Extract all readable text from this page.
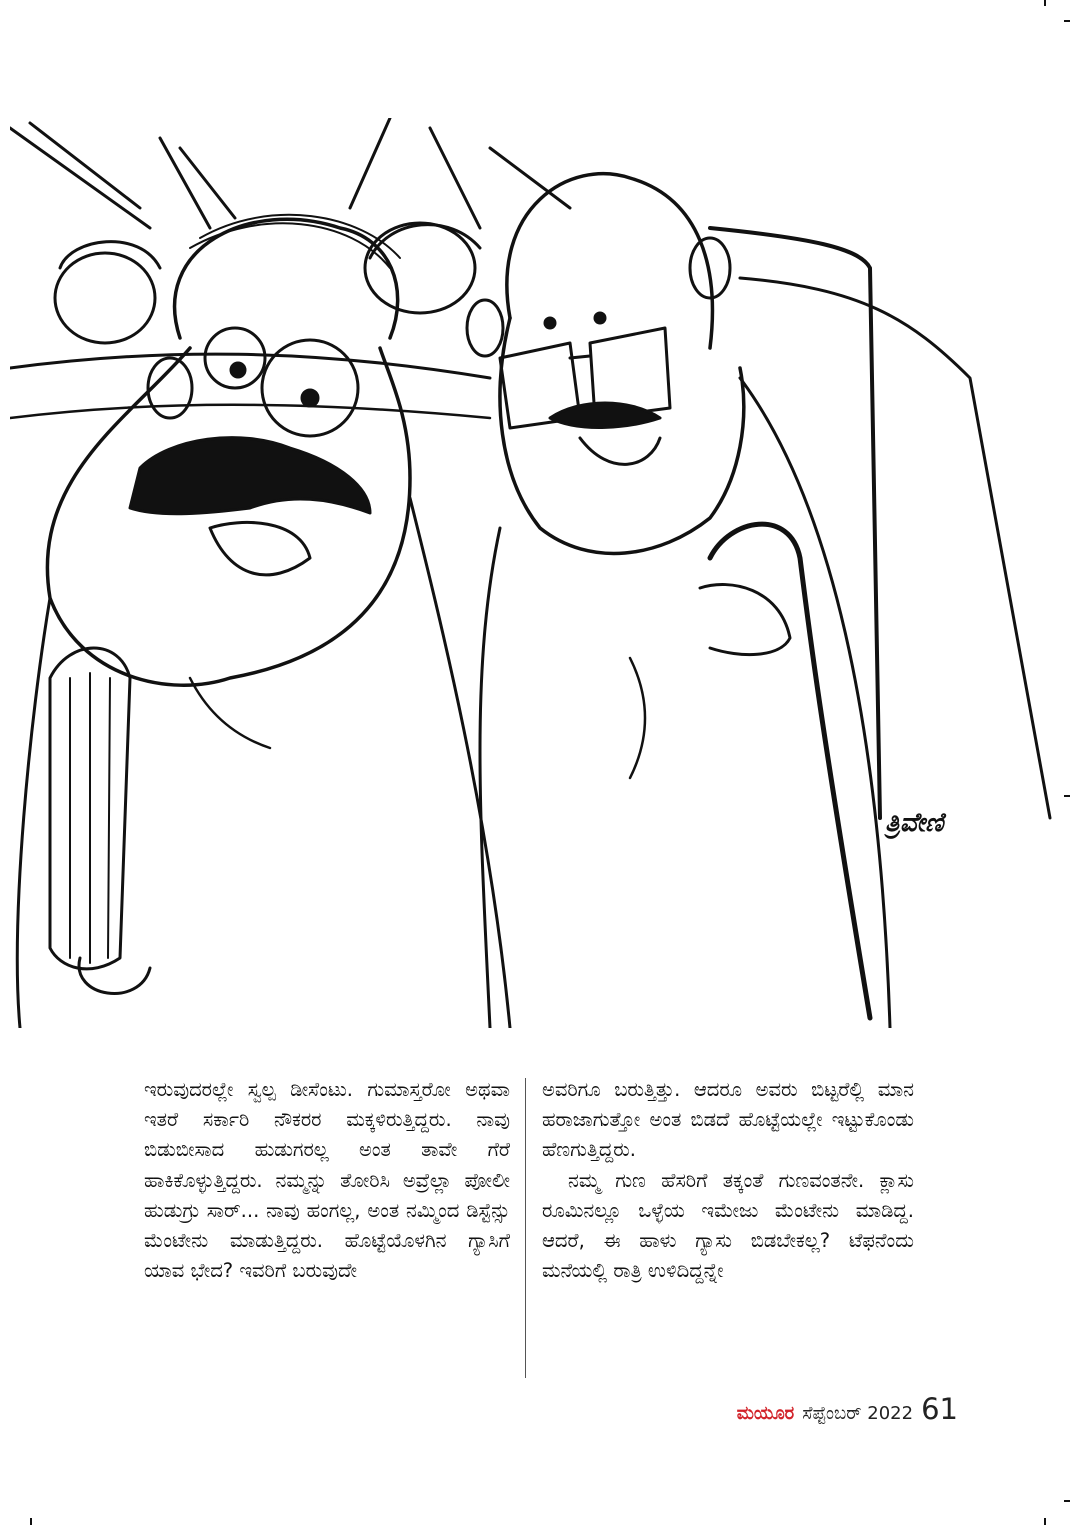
ತ್ರಿವೇಣಿ

ಇರುವುದರಲ್ಲೇ ಸ್ವಲ್ಪ ಡೀಸೆಂಟು. ಗುಮಾಸ್ತರೋ ಅಥವಾ ಇತರೆ ಸರ್ಕಾರಿ ನೌಕರರ ಮಕ್ಕಳಿರುತ್ತಿದ್ದರು. ನಾವು ಬಿಡುಬೀಸಾದ ಹುಡುಗರಲ್ಲ ಅಂತ ತಾವೇ ಗೆರೆ ಹಾಕಿಕೊಳ್ಳುತ್ತಿದ್ದರು. ನಮ್ಮನ್ನು ತೋರಿಸಿ ಅವ್ರೆಲ್ಲಾ ಪೋಲೀ ಹುಡುಗ್ರು ಸಾರ್... ನಾವು ಹಂಗಲ್ಲ, ಅಂತ ನಮ್ಮಿಂದ ಡಿಸ್ಟೆನ್ಸು ಮೆಂಟೇನು ಮಾಡುತ್ತಿದ್ದರು. ಹೊಟ್ಟೆಯೊಳಗಿನ ಗ್ಯಾಸಿಗೆ ಯಾವ ಭೇದ? ಇವರಿಗೆ ಬರುವುದೇ

ಅವರಿಗೂ ಬರುತ್ತಿತ್ತು. ಆದರೂ ಅವರು ಬಿಟ್ಟರೆಲ್ಲಿ ಮಾನ ಹರಾಜಾಗುತ್ತೋ ಅಂತ ಬಿಡದೆ ಹೊಟ್ಟೆಯಲ್ಲೇ ಇಟ್ಟುಕೊಂಡು ಹೆಣಗುತ್ತಿದ್ದರು.

ನಮ್ಮ ಗುಣ ಹೆಸರಿಗೆ ತಕ್ಕಂತೆ ಗುಣವಂತನೇ. ಕ್ಲಾಸು ರೂಮಿನಲ್ಲೂ ಒಳ್ಳೆಯ ಇಮೇಜು ಮೆಂಟೇನು ಮಾಡಿದ್ದ. ಆದರೆ, ಈ ಹಾಳು ಗ್ಯಾಸು ಬಿಡಬೇಕಲ್ಲ? ಟೆಫನೆಂದು ಮನೆಯಲ್ಲಿ ರಾತ್ರಿ ಉಳಿದಿದ್ದನ್ನೇ

ಮಯೂರ ಸೆಪ್ಟೆಂಬರ್ 2022 61
